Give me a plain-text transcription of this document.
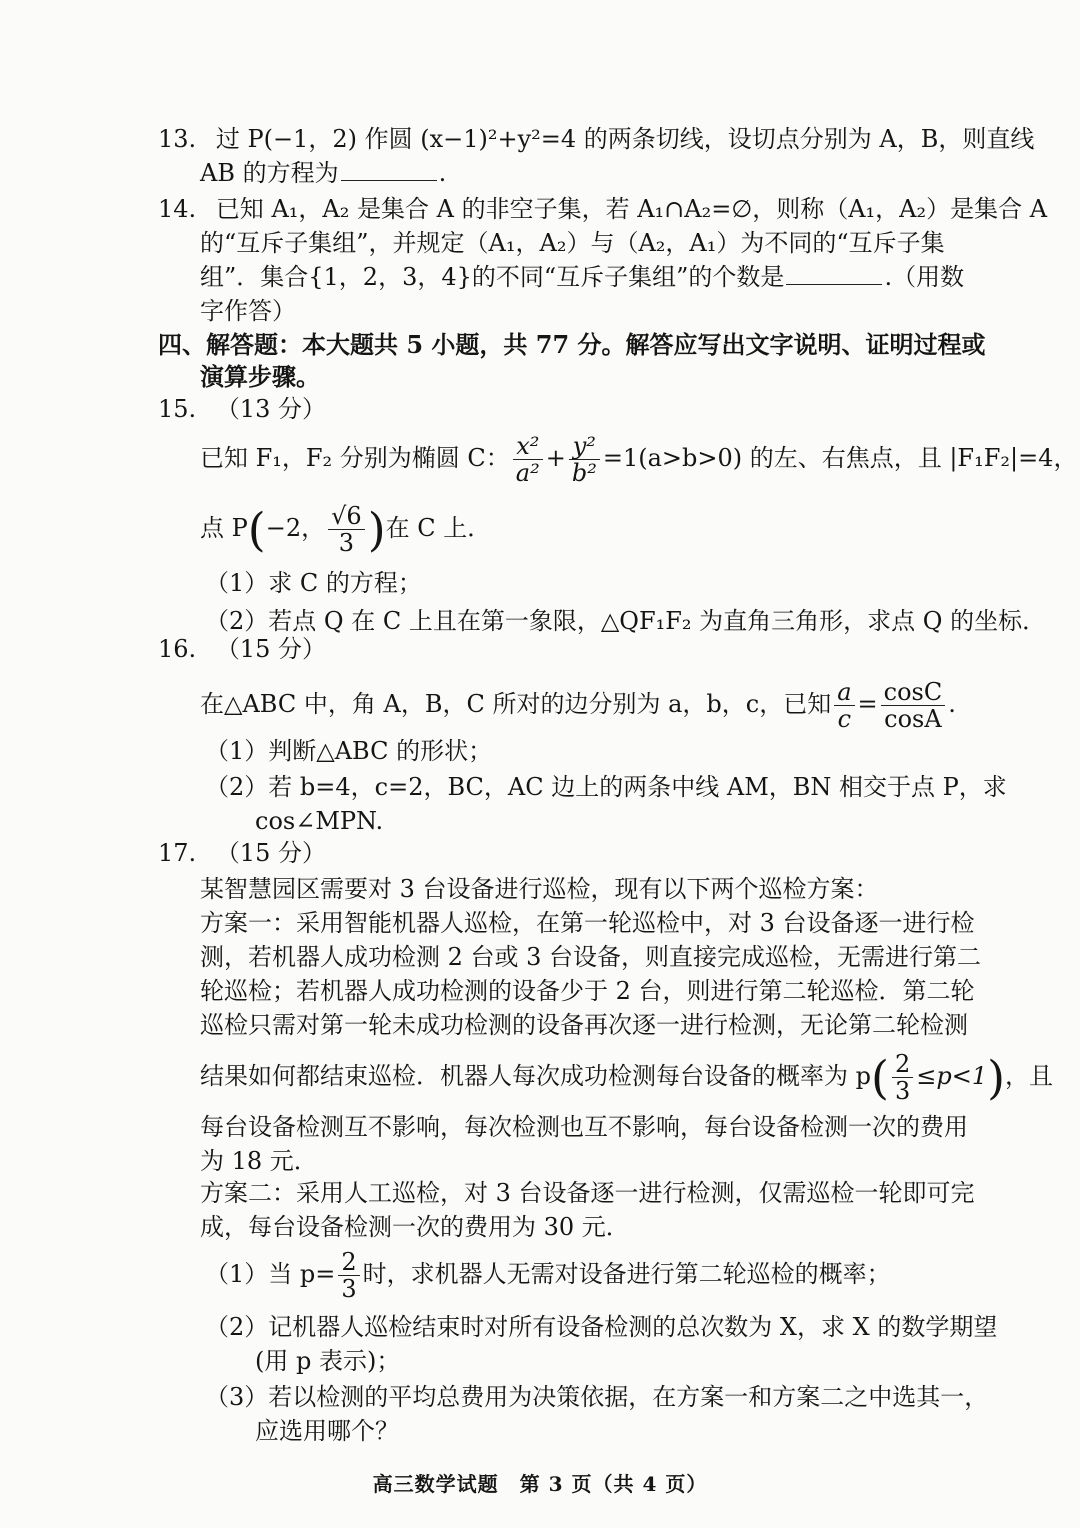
13. 过 P(−1，2) 作圆 (x−1)²+y²=4 的两条切线，设切点分别为 A，B，则直线
AB 的方程为	.
14. 已知 A₁，A₂ 是集合 A 的非空子集，若 A₁∩A₂=∅，则称（A₁，A₂）是集合 A
的“互斥子集组”，并规定（A₁，A₂）与（A₂，A₁）为不同的“互斥子集
组”．集合{1，2，3，4}的不同“互斥子集组”的个数是	.（用数
字作答）
四、解答题：本大题共 5 小题，共 77 分。解答应写出文字说明、证明过程或
演算步骤。
15. （13 分）
已知 F₁，F₂ 分别为椭圆 C： $\frac{\text{x²}}{\text{a²}} + \frac{\text{y²}}{\text{b²}} =1(a>b>0)$ 的左、右焦点，且 |F₁F₂|=4，
点 P(−2， $\frac{√6}{3}$ )在 C 上．
（1）求 C 的方程；
（2）若点 Q 在 C 上且在第一象限，△QF₁F₂ 为直角三角形，求点 Q 的坐标．
16. （15 分）
在△ABC 中，角 A，B，C 所对的边分别为 a，b，c，已知 $\frac{a}{c} = \frac{\cos C}{\cos A}$ .
（1）判断△ABC 的形状；
（2）若 b=4，c=2，BC，AC 边上的两条中线 AM，BN 相交于点 P，求
cos∠MPN.
17. （15 分）
某智慧园区需要对 3 台设备进行巡检，现有以下两个巡检方案：
方案一：采用智能机器人巡检，在第一轮巡检中，对 3 台设备逐一进行检
测，若机器人成功检测 2 台或 3 台设备，则直接完成巡检，无需进行第二
轮巡检；若机器人成功检测的设备少于 2 台，则进行第二轮巡检．第二轮
巡检只需对第一轮未成功检测的设备再次逐一进行检测，无论第二轮检测
结果如何都结束巡检．机器人每次成功检测每台设备的概率为 $p( \frac{2}{3} \le p<1)$，且
每台设备检测互不影响，每次检测也互不影响，每台设备检测一次的费用
为 18 元．
方案二：采用人工巡检，对 3 台设备逐一进行检测，仅需巡检一轮即可完
成，每台设备检测一次的费用为 30 元．
（1）当 $p= \frac{2}{3}$ 时，求机器人无需对设备进行第二轮巡检的概率；
（2）记机器人巡检结束时对所有设备检测的总次数为 X，求 X 的数学期望
(用 p 表示)；
（3）若以检测的平均总费用为决策依据，在方案一和方案二之中选其一，
应选用哪个？
高三数学试题　第 3 页（共 4 页）
